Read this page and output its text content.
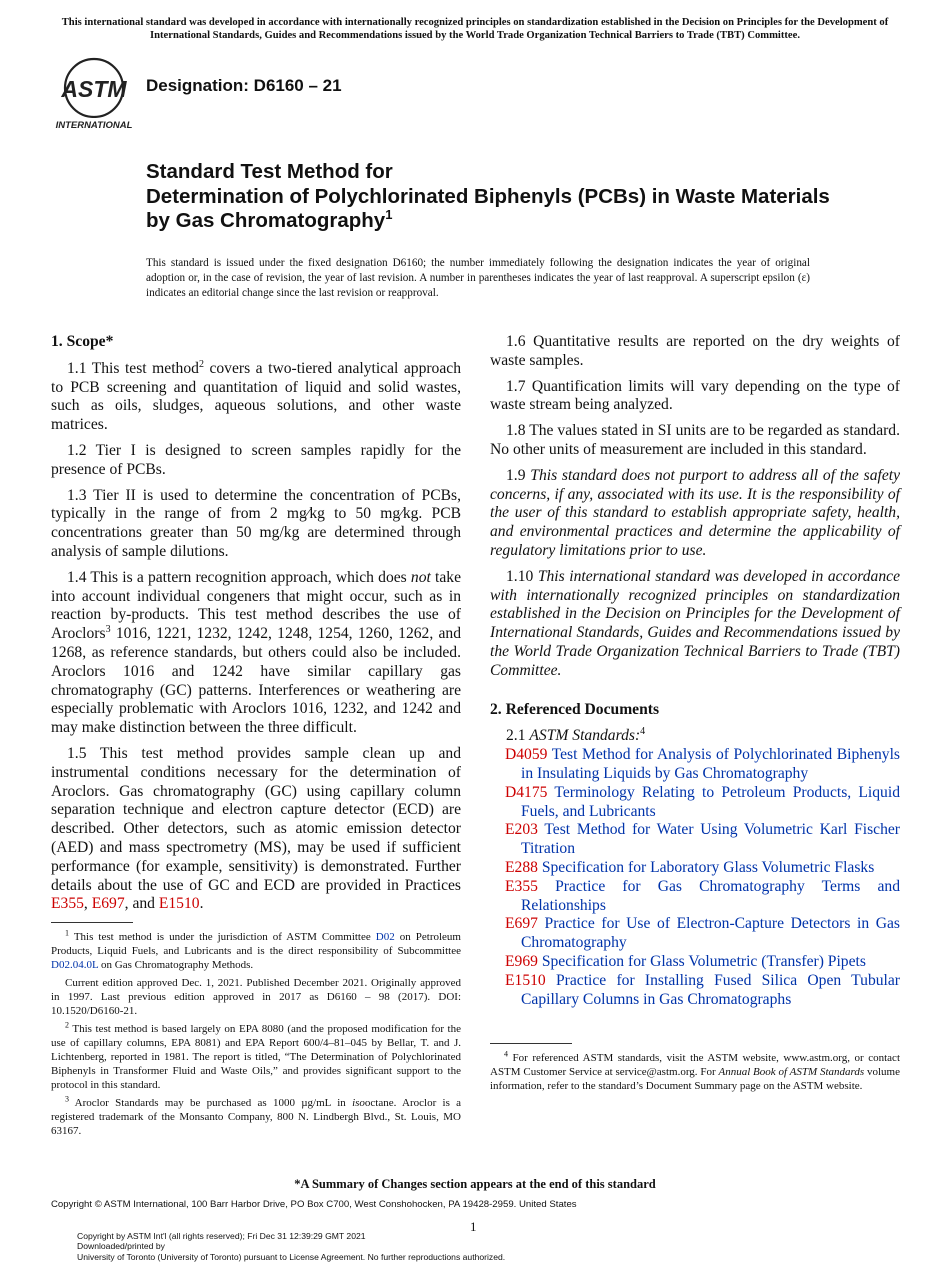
This international standard was developed in accordance with internationally recognized principles on standardization established in the Decision on Principles for the Development of International Standards, Guides and Recommendations issued by the World Trade Organization Technical Barriers to Trade (TBT) Committee.
ASTM
INTERNATIONAL
Designation: D6160 – 21
Standard Test Method for
Determination of Polychlorinated Biphenyls (PCBs) in Waste Materials by Gas Chromatography$^1$
This standard is issued under the fixed designation D6160; the number immediately following the designation indicates the year of original adoption or, in the case of revision, the year of last revision. A number in parentheses indicates the year of last reapproval. A superscript epsilon (ε) indicates an editorial change since the last revision or reapproval.
1. Scope*

1.1 This test method$^2$ covers a two-tiered analytical approach to PCB screening and quantitation of liquid and solid wastes, such as oils, sludges, aqueous solutions, and other waste matrices.

1.2 Tier I is designed to screen samples rapidly for the presence of PCBs.

1.3 Tier II is used to determine the concentration of PCBs, typically in the range of from 2 mg⁄kg to 50 mg⁄kg. PCB concentrations greater than 50 mg/kg are determined through analysis of sample dilutions.

1.4 This is a pattern recognition approach, which does not take into account individual congeners that might occur, such as in reaction by-products. This test method describes the use of Aroclors$^3$ 1016, 1221, 1232, 1242, 1248, 1254, 1260, 1262, and 1268, as reference standards, but others could also be included. Aroclors 1016 and 1242 have similar capillary gas chromatography (GC) patterns. Interferences or weathering are especially problematic with Aroclors 1016, 1232, and 1242 and may make distinction between the three difficult.

1.5 This test method provides sample clean up and instrumental conditions necessary for the determination of Aroclors. Gas chromatography (GC) using capillary column separation technique and electron capture detector (ECD) are described. Other detectors, such as atomic emission detector (AED) and mass spectrometry (MS), may be used if sufficient performance (for example, sensitivity) is demonstrated. Further details about the use of GC and ECD are provided in Practices E355, E697, and E1510.

$^1$ This test method is under the jurisdiction of ASTM Committee D02 on Petroleum Products, Liquid Fuels, and Lubricants and is the direct responsibility of Subcommittee D02.04.0L on Gas Chromatography Methods.

Current edition approved Dec. 1, 2021. Published December 2021. Originally approved in 1997. Last previous edition approved in 2017 as D6160 – 98 (2017). DOI: 10.1520/D6160-21.

$^2$ This test method is based largely on EPA 8080 (and the proposed modification for the use of capillary columns, EPA 8081) and EPA Report 600/4–81–045 by Bellar, T. and J. Lichtenberg, reported in 1981. The report is titled, “The Determination of Polychlorinated Biphenyls in Transformer Fluid and Waste Oils,” and provides significant support to the protocol in this standard.

$^3$ Aroclor Standards may be purchased as 1000 µg/mL in isooctane. Aroclor is a registered trademark of the Monsanto Company, 800 N. Lindbergh Blvd., St. Louis, MO 63167.

1.6 Quantitative results are reported on the dry weights of waste samples.

1.7 Quantification limits will vary depending on the type of waste stream being analyzed.

1.8 The values stated in SI units are to be regarded as standard. No other units of measurement are included in this standard.

1.9 This standard does not purport to address all of the safety concerns, if any, associated with its use. It is the responsibility of the user of this standard to establish appropriate safety, health, and environmental practices and determine the applicability of regulatory limitations prior to use.

1.10 This international standard was developed in accordance with internationally recognized principles on standardization established in the Decision on Principles for the Development of International Standards, Guides and Recommendations issued by the World Trade Organization Technical Barriers to Trade (TBT) Committee.

2. Referenced Documents

2.1 ASTM Standards:$^4$

D4059 Test Method for Analysis of Polychlorinated Biphenyls in Insulating Liquids by Gas Chromatography
D4175 Terminology Relating to Petroleum Products, Liquid Fuels, and Lubricants
E203 Test Method for Water Using Volumetric Karl Fischer Titration
E288 Specification for Laboratory Glass Volumetric Flasks
E355 Practice for Gas Chromatography Terms and Relationships
E697 Practice for Use of Electron-Capture Detectors in Gas Chromatography
E969 Specification for Glass Volumetric (Transfer) Pipets
E1510 Practice for Installing Fused Silica Open Tubular Capillary Columns in Gas Chromatographs

$^4$ For referenced ASTM standards, visit the ASTM website, www.astm.org, or contact ASTM Customer Service at service@astm.org. For Annual Book of ASTM Standards volume information, refer to the standard’s Document Summary page on the ASTM website.

*A Summary of Changes section appears at the end of this standard
Copyright © ASTM International, 100 Barr Harbor Drive, PO Box C700, West Conshohocken, PA 19428-2959. United States
1
Copyright by ASTM Int'l (all rights reserved); Fri Dec 31 12:39:29 GMT 2021
Downloaded/printed by
University of Toronto (University of Toronto) pursuant to License Agreement. No further reproductions authorized.
